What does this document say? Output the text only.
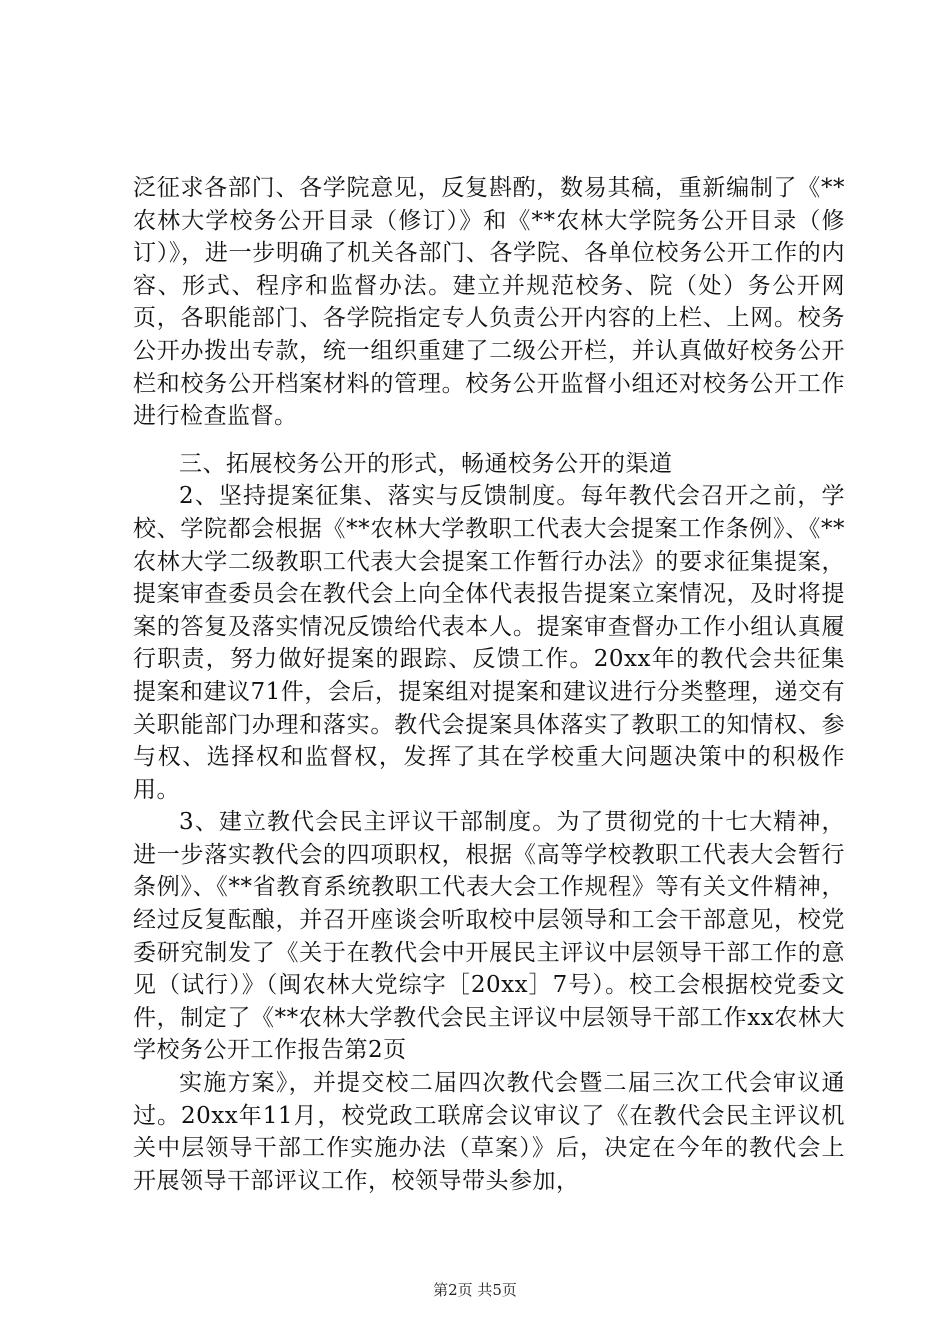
泛征求各部门、各学院意见，反复斟酌，数易其稿，重新编制了《**农林大学校务公开目录（修订）》和《**农林大学院务公开目录（修订）》，进一步明确了机关各部门、各学院、各单位校务公开工作的内容、形式、程序和监督办法。建立并规范校务、院（处）务公开网页，各职能部门、各学院指定专人负责公开内容的上栏、上网。校务公开办拨出专款，统一组织重建了二级公开栏，并认真做好校务公开栏和校务公开档案材料的管理。校务公开监督小组还对校务公开工作进行检查监督。

三、拓展校务公开的形式，畅通校务公开的渠道

2、坚持提案征集、落实与反馈制度。每年教代会召开之前，学校、学院都会根据《**农林大学教职工代表大会提案工作条例》、《**农林大学二级教职工代表大会提案工作暂行办法》的要求征集提案，提案审查委员会在教代会上向全体代表报告提案立案情况，及时将提案的答复及落实情况反馈给代表本人。提案审查督办工作小组认真履行职责，努力做好提案的跟踪、反馈工作。20xx年的教代会共征集提案和建议71件，会后，提案组对提案和建议进行分类整理，递交有关职能部门办理和落实。教代会提案具体落实了教职工的知情权、参与权、选择权和监督权，发挥了其在学校重大问题决策中的积极作用。

3、建立教代会民主评议干部制度。为了贯彻党的十七大精神，进一步落实教代会的四项职权，根据《高等学校教职工代表大会暂行条例》、《**省教育系统教职工代表大会工作规程》等有关文件精神，经过反复酝酿，并召开座谈会听取校中层领导和工会干部意见，校党委研究制发了《关于在教代会中开展民主评议中层领导干部工作的意见（试行）》（闽农林大党综字［20xx］7号）。校工会根据校党委文件，制定了《**农林大学教代会民主评议中层领导干部工作xx农林大学校务公开工作报告第2页

实施方案》，并提交校二届四次教代会暨二届三次工代会审议通过。20xx年11月，校党政工联席会议审议了《在教代会民主评议机关中层领导干部工作实施办法（草案）》后，决定在今年的教代会上开展领导干部评议工作，校领导带头参加，

第2页 共5页
